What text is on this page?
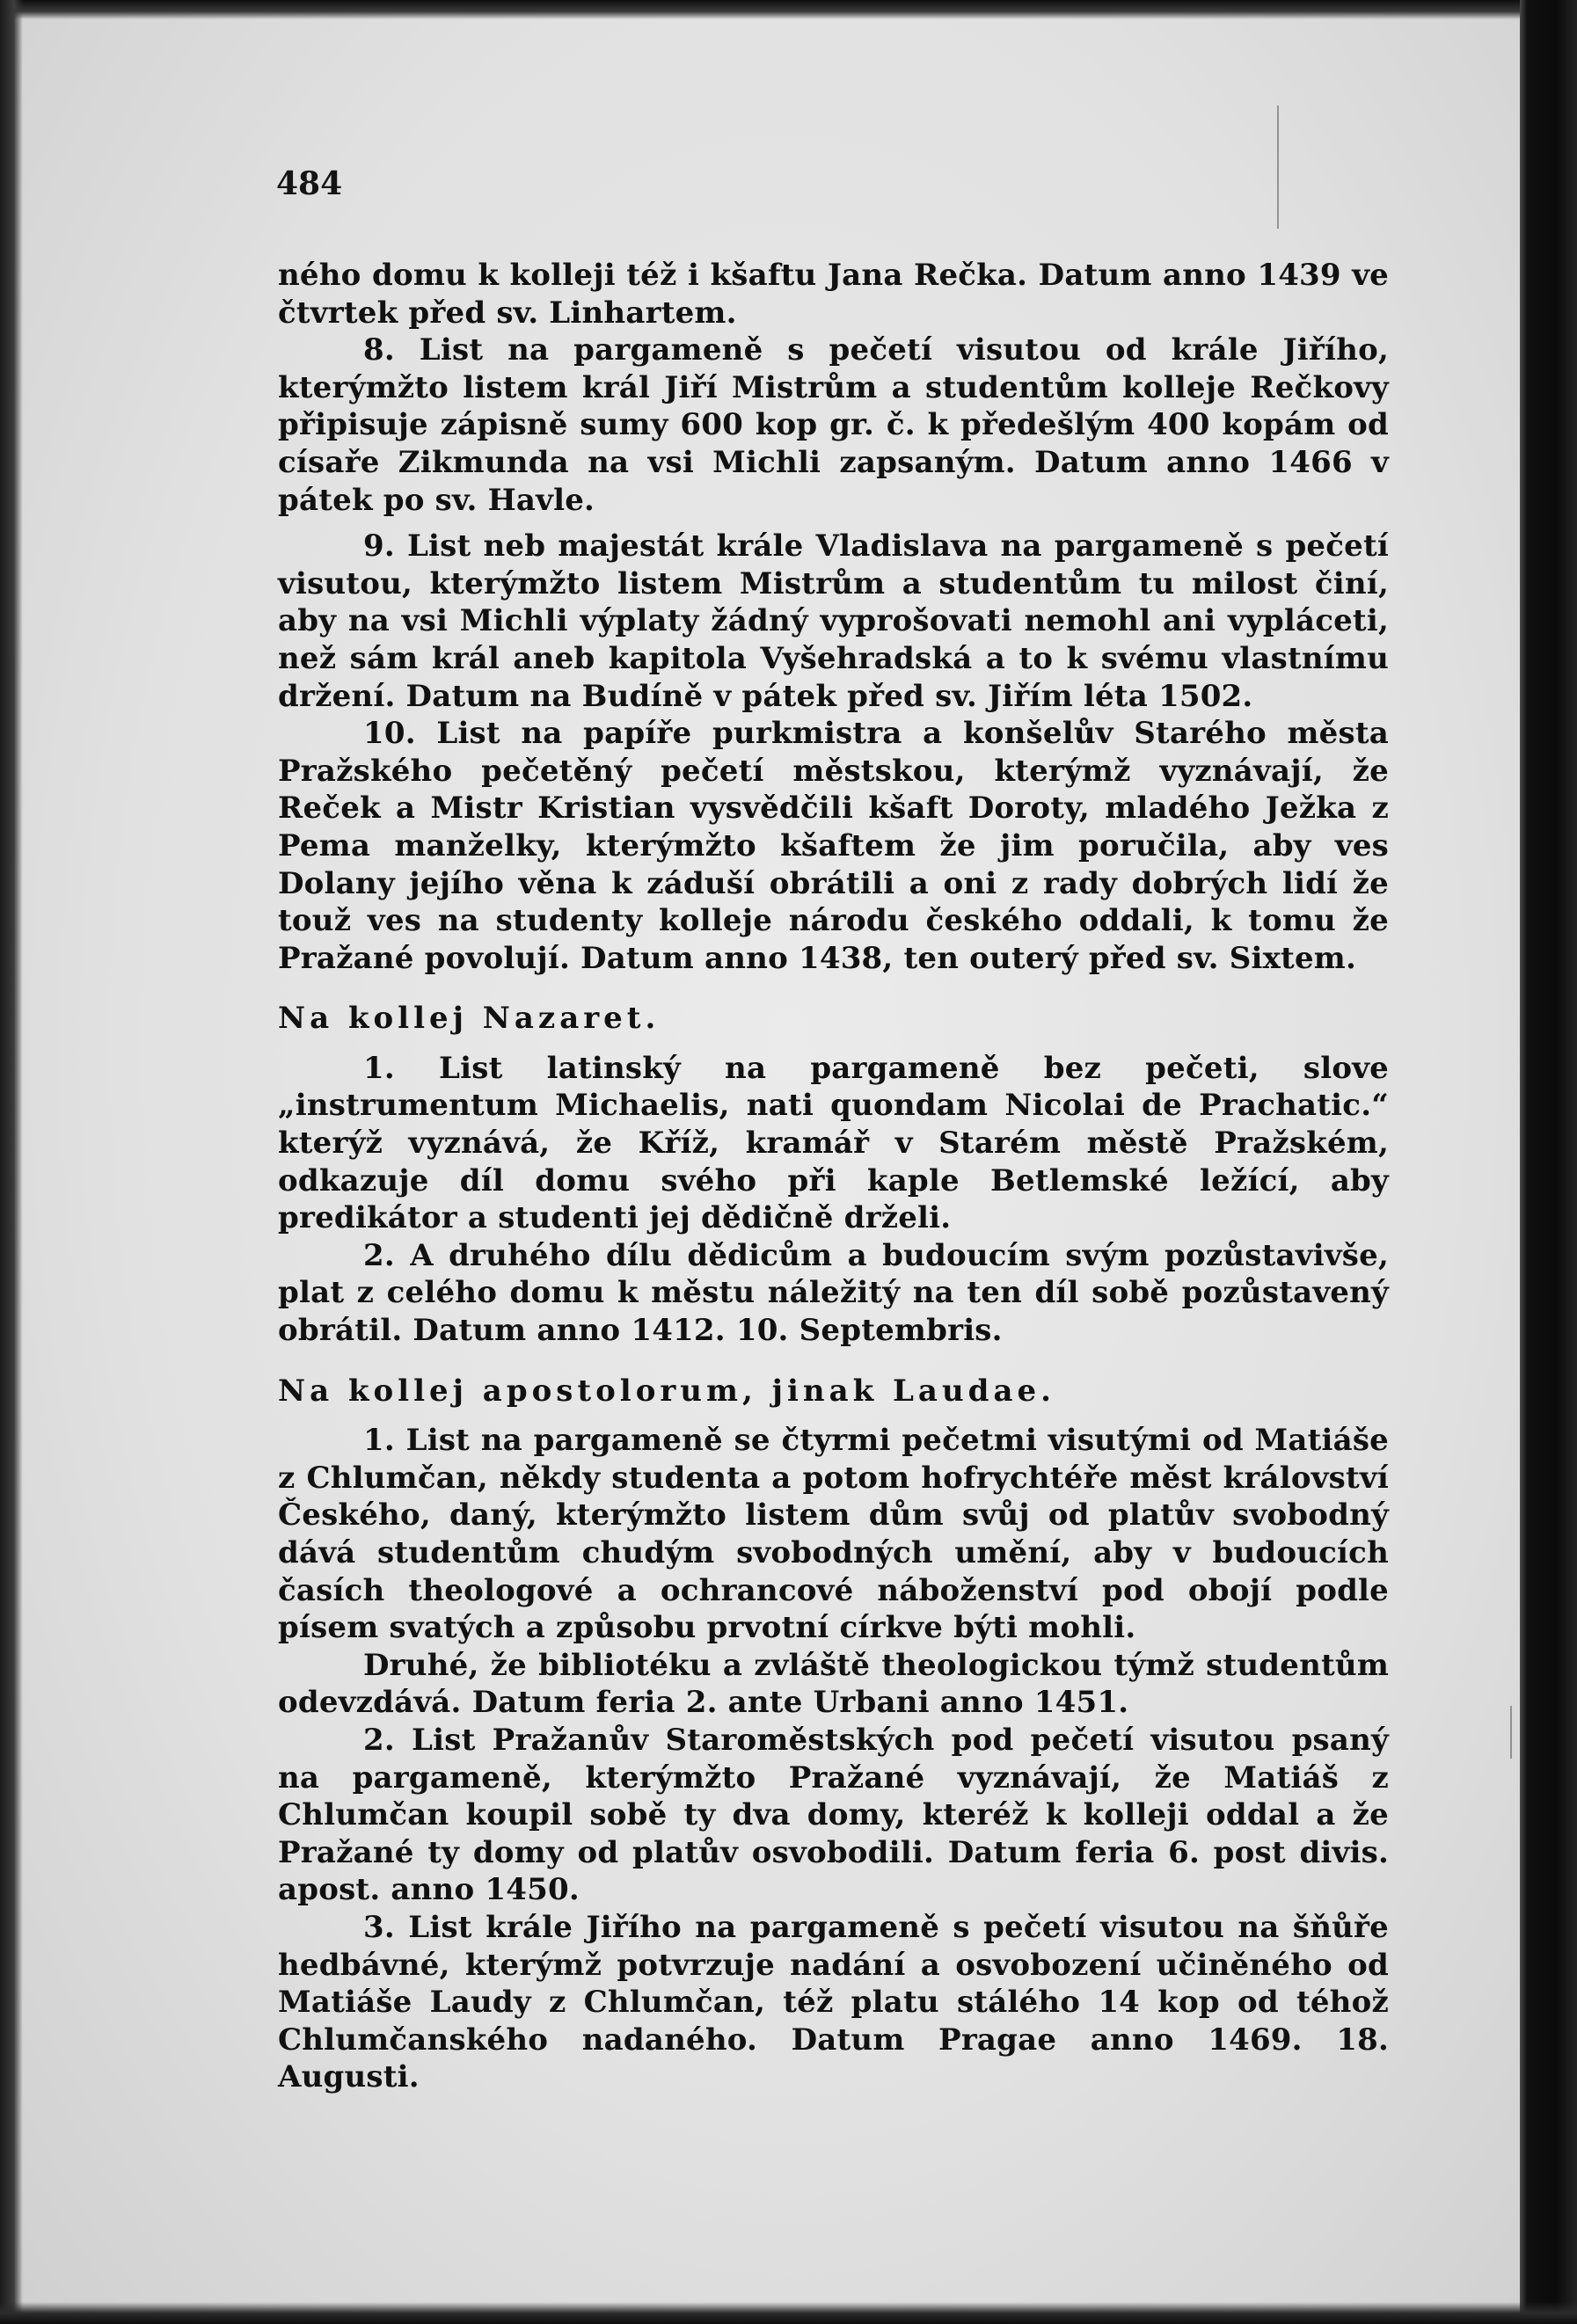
484

ného domu k kolleji též i kšaftu Jana Rečka. Datum anno 1439 ve čtvrtek před sv. Linhartem.

8. List na pargameně s pečetí visutou od krále Jiřího, kterýmžto listem král Jiří Mistrům a studentům kolleje Rečkovy připisuje zápisně sumy 600 kop gr. č. k předešlým 400 kopám od císaře Zikmunda na vsi Michli zapsaným. Datum anno 1466 v pátek po sv. Havle.

9. List neb majestát krále Vladislava na pargameně s pečetí visutou, kterýmžto listem Mistrům a studentům tu milost činí, aby na vsi Michli výplaty žádný vyprošovati nemohl ani vypláceti, než sám král aneb kapitola Vyšehradská a to k svému vlastnímu držení. Datum na Budíně v pátek před sv. Jiřím léta 1502.

10. List na papíře purkmistra a konšelův Starého města Pražského pečetěný pečetí městskou, kterýmž vyznávají, že Reček a Mistr Kristian vysvědčili kšaft Doroty, mladého Ježka z Pema manželky, kterýmžto kšaftem že jim poručila, aby ves Dolany jejího věna k záduší obrátili a oni z rady dobrých lidí že touž ves na studenty kolleje národu českého oddali, k tomu že Pražané povolují. Datum anno 1438, ten outerý před sv. Sixtem.

Na kollej Nazaret.

1. List latinský na pargameně bez pečeti, slove „instrumentum Michaelis, nati quondam Nicolai de Prachatic.“ kterýž vyznává, že Kříž, kramář v Starém městě Pražském, odkazuje díl domu svého při kaple Betlemské ležící, aby predikátor a studenti jej dědičně drželi.

2. A druhého dílu dědicům a budoucím svým pozůstavivše, plat z celého domu k městu náležitý na ten díl sobě pozůstavený obrátil. Datum anno 1412. 10. Septembris.

Na kollej apostolorum, jinak Laudae.

1. List na pargameně se čtyrmi pečetmi visutými od Matiáše z Chlumčan, někdy studenta a potom hofrychtéře měst království Českého, daný, kterýmžto listem dům svůj od platův svobodný dává studentům chudým svobodných umění, aby v budoucích časích theologové a ochrancové náboženství pod obojí podle písem svatých a způsobu prvotní církve býti mohli.

Druhé, že bibliotéku a zvláště theologickou týmž studentům odevzdává. Datum feria 2. ante Urbani anno 1451.

2. List Pražanův Staroměstských pod pečetí visutou psaný na pargameně, kterýmžto Pražané vyznávají, že Matiáš z Chlumčan koupil sobě ty dva domy, kteréž k kolleji oddal a že Pražané ty domy od platův osvobodili. Datum feria 6. post divis. apost. anno 1450.

3. List krále Jiřího na pargameně s pečetí visutou na šňůře hedbávné, kterýmž potvrzuje nadání a osvobození učiněného od Matiáše Laudy z Chlumčan, též platu stálého 14 kop od téhož Chlumčanského nadaného. Datum Pragae anno 1469. 18. Augusti.
